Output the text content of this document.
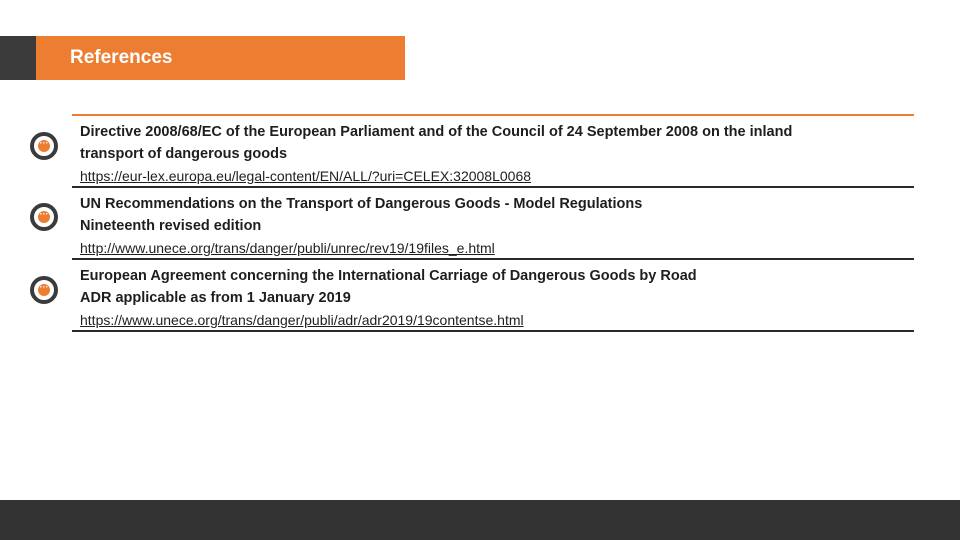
References
···
Directive 2008/68/EC of the European Parliament and of the Council of 24 September 2008 on the inland
transport of dangerous goods
https://eur-lex.europa.eu/legal-content/EN/ALL/?uri=CELEX:32008L0068
···
UN Recommendations on the Transport of Dangerous Goods - Model Regulations
Nineteenth revised edition
http://www.unece.org/trans/danger/publi/unrec/rev19/19files_e.html
···
European Agreement concerning the International Carriage of Dangerous Goods by Road
ADR applicable as from 1 January 2019
https://www.unece.org/trans/danger/publi/adr/adr2019/19contentse.html
